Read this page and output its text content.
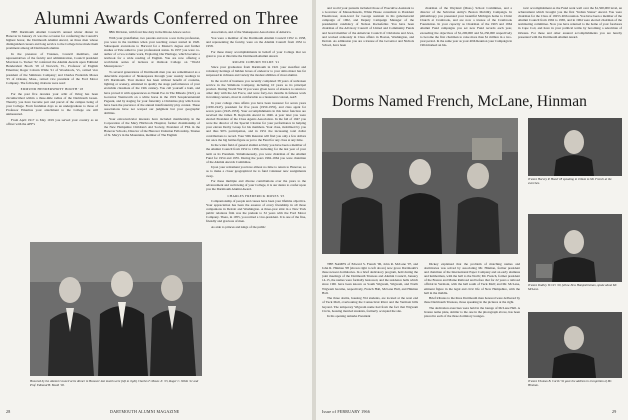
Alumni Awards Conferred on Three

THE Dartmouth Alumni Council's annual winter dinner in Hanover in January 21 was the occasion for conferring the Council's highest honor, the Dartmouth Alumni Award, on three men whose distinguished careers and long service to the College have made them prominent among all Dartmouth alumni.

In the presence of Trustees, Council members, and representatives of the faculty and administration, Council president Morrison G. Tucker '32 conferred the Alumni Awards upon Edmund Hendershott Booth '18 of Norwich, Vt., Professor of English Emeritus; Roger Coburn Wilde '21 of Woodstock, Vt., retired vice president of the Simmons Company; and Charles Frederick Moses '25 of Orleans, Mass., retired vice president of the Ford Motor Company. The following citations were read:

EDMUND HENDERSHOTT BOOTH '18

For the past five decades your orbit of living has been circumscribed within a three-mile radius of the Dartmouth Green. Thereby you have become part and parcel of the campus being of your College. From freshman days as an undergraduate to those of Professor Emeritus your attachment to the College are still unmeasured.

From April 1917 to May 1919 you served your country as an officer with the AEF's

88th Division, with front line duty in the Rhone Alsace sector.

With your grandfather, two parents and now a son in the profession, you were in the tradition when your teaching career started in 1920. Subsequent excursions to Harvard for a Master's degree and further studies at Yale added to your professional status. In 1937 you were co-author of a two-volume work, Exploring Our Heritage, which became a textbook for a wide reading of English. You are now offering a worldwide series of lectures at Outlook College on "World Masterpieces."

To several generations of Dartmouth men you are remembered as a delectable expositor of Shakespeare through your weekly readings in 105 Dartmouth. Your mentor has been without benefit of costume, lighting or scenery, emulated in quality the stage performances of your erstwhile classmate of the 19th century. You call yourself a ham, and have proved it with appearances as Nanki Poo in The Mikado (1921), as Governor Wentworth on a white horse in the 1919 Sesquicentennial Pageant, and by staging for your fraternity a Christmas play which now have been the precursor of the annual interfraternity play contest. These associations have not warped our judgment but your geographic abilities.

Your extracurricular interests have included membership in the Corporation of the Mary Hitchcock Hospital, former chairmanship of the New Hampshire Children's Aid Society, President of PTA in the Hanover Schools, Director of the Hanover Unitarian Fellowship, Trustee of St. Mary's in the Mountains, member of The English

Association, and of the Shakespeare Association of America.

You were a member of the Dartmouth Alumni Council 1952 to 1958, and representing the faculty, were on the Alumni Council from 1952 to 1958.

For these many accomplishments in behalf of your College that we grant to you at this time the Dartmouth Alumni Award.

ROGER COBURN WILDE '21

Since your graduation from Dartmouth in 1921 your steadfast and voluntary heritage of hidden boxes of endeavor to your alma mater has far surpassed in richness and variety the modest abilities of most alumni.

In the world of business you recently completed 38 years of unbroken service in the Simmons Company, including 10 years as its principal product. During World War II you were given leave of absence to return to other duty with the Air Force, and were forty-two months in famous work in training centers, most in comfortable as a lieutenant colonel, AAF.

In your college class affairs you have been treasurer for seven years (1930-1947), president for five years (1950-1955), and class agent for seven years (1945-1953). Your accomplishments in this latter function are received the James B. Reynolds Award in 1946. A year later you were elected President of the Class Agents Association. In the fall of 1947 you were the director of the Special Citation for your performance in helping your eleven Derby Group for his members. Your class, mobilized by you and thus 90% participation, and in 1951 the increasing total dollar contributions to record. Your 50th Reunion will find you only a few dollars but once the big battles figure as yet to the Fund for any class at any time.

In the wider field of general alumni activity you have been a member of the Alumni Council from 1952 to 1956, including for the last year of your term as its President. Simultaneously, you were chairman of the Alumni Fund for 1954 and 1955. During the years 1962-1964 you were chairman of the Alumni Awards Committee.

Upon your retirement you have almost no time to return to Hanover, so as to make a closer geographical tie to fund volunteer new assignments away.

For these multiple and diverse contributions over the years to the advancement and well-being of your College, it is our desire to confer upon you the Dartmouth Alumni Award.

CHARLES FREDERICK MOSES '25

Companionship of people and causes have been your lifetime objective. Your appreciation has been the essence of every friendship in all those companions in Detroit and Washington. A three-year stint in a New York public relations firm was the prelude to 32 years with the Ford Motor Company. There, in 1955, you retired a vice-president. It is one of the fine, friendly and gracious of men.

As aide to princes and kings of the public

Honored by the Alumni Council at its dinner in Hanover last month were (left to right) Charles F. Moses Jr. '25, Roger C. Wilde '21 and Prof. Edmund H. Booth '18.
28	DARTMOUTH ALUMNI MAGAZINE

and world your pursuits included those of Executive Assistant to a Governor of Massachusetts, White House consultant to President Eisenhower, state-level for George assistant in his gubernatorial campaign of 1962, and Deputy Campaign Manager of the presidential candidacy of Nelson Rockefeller. You have been chairman of the Advisory Council of United and Community Funds and board member of the American Council of Christians and Jews, and worked arduously in Class affairs in Boston, Washington, and Detroit. As admission you are a trustee of the Governor and Nichols School, have been

chairman of the Weyland (Mass.) School Committee, and a director of the Salvation Army's Boston Mobility Campaign. In philanthropy you presented your beautiful Michigan home to Christ Church at Cranbrook, and are now a trustee of the Cranbrook Foundation. In your capacity as Chairman of the 1963 and 1964 Alumni Fund campaigns you set new Fund records each year, exceeding the objectives of $1,200,000 and $1,250,000 respectively to become the first chairman to raise more than $1 million in a two-year period. In the same year as your 40th Reunion your Campaign in 1964 marked an his-

toric accomplishment as the Fund went well over the $1,500,000 level, an achievement which brought you the first "Indian Statue" Award. You were chairman for the Class of 1925's 40th reunion. You have been a member of the Alumni Council from 1962 to 1965, and in 1964 were elected chairman of the nominating committee. Now you have returned to the home of your forebears in Cape Cod, and have in your political terms by becoming a selectman of Orleans. For these and other assured accomplishments you are hereby presented with the Dartmouth Alumni Award.

Dorms Named French, McLane, Hinman

THE NAMES of Edward S. French '06, John R. McLane '07, and John R. Hinman '08 (shown right to left above) now grace Dartmouth's three newest dormitories. In a brief dedicatory program, held during the joint meetings of the Dartmouth Trustees and Alumni Council, January 14-15, the names were formally bestowed, and the residence halls which since 1961 have been known as South Wigwam, Wigwam, and North Wigwam became, respectively, French Hall, McLane Hall, and Hinman Hall.

The three dorms, housing 354 students, are located at the west end of Tuck Mall, overlooking the Connecticut River and the Vermont hills beyond. The temporary Wigwam name had from the fact that Wigwam Circle, housing married students, formerly occupied the site.

In his opening remarks President

Dickey explained that the problem of matching names and dormitories was solved by associating Mr. Hinman, former president and chairman of the International Paper Company and an early alumnus and lumberman, with the hall to the North; Mr. French, former president of the Boston and Maine Railroad and before that for 22 years a railroad official in Vermont, with the hall south of Tuck Mall; and Mr. McLane, eminent figure in the legal and civic life of New Hampshire, with the hall in the middle.

Brief tributes to the three Dartmouth men honored were delivered by three Dartmouth Trustees, those speaking in the pictures at the right.

The dedication exercises were held in the lounge of McLane Hall. A bronze name plate, similar to the one in the photograph above, has been placed in each of the three dormitory lounges.

Trustee Harvey P. Hood '18 speaking in tribute to Mr. French at the exercises.
Trustee Dudley W. Orr '29, fellow New Hampshireman, spoke about Mr. McLane.
Trustee Thomas B. Curtis '32 gave the address in recognition of Mr. Hinman.
Issue of FEBRUARY 1966	29
